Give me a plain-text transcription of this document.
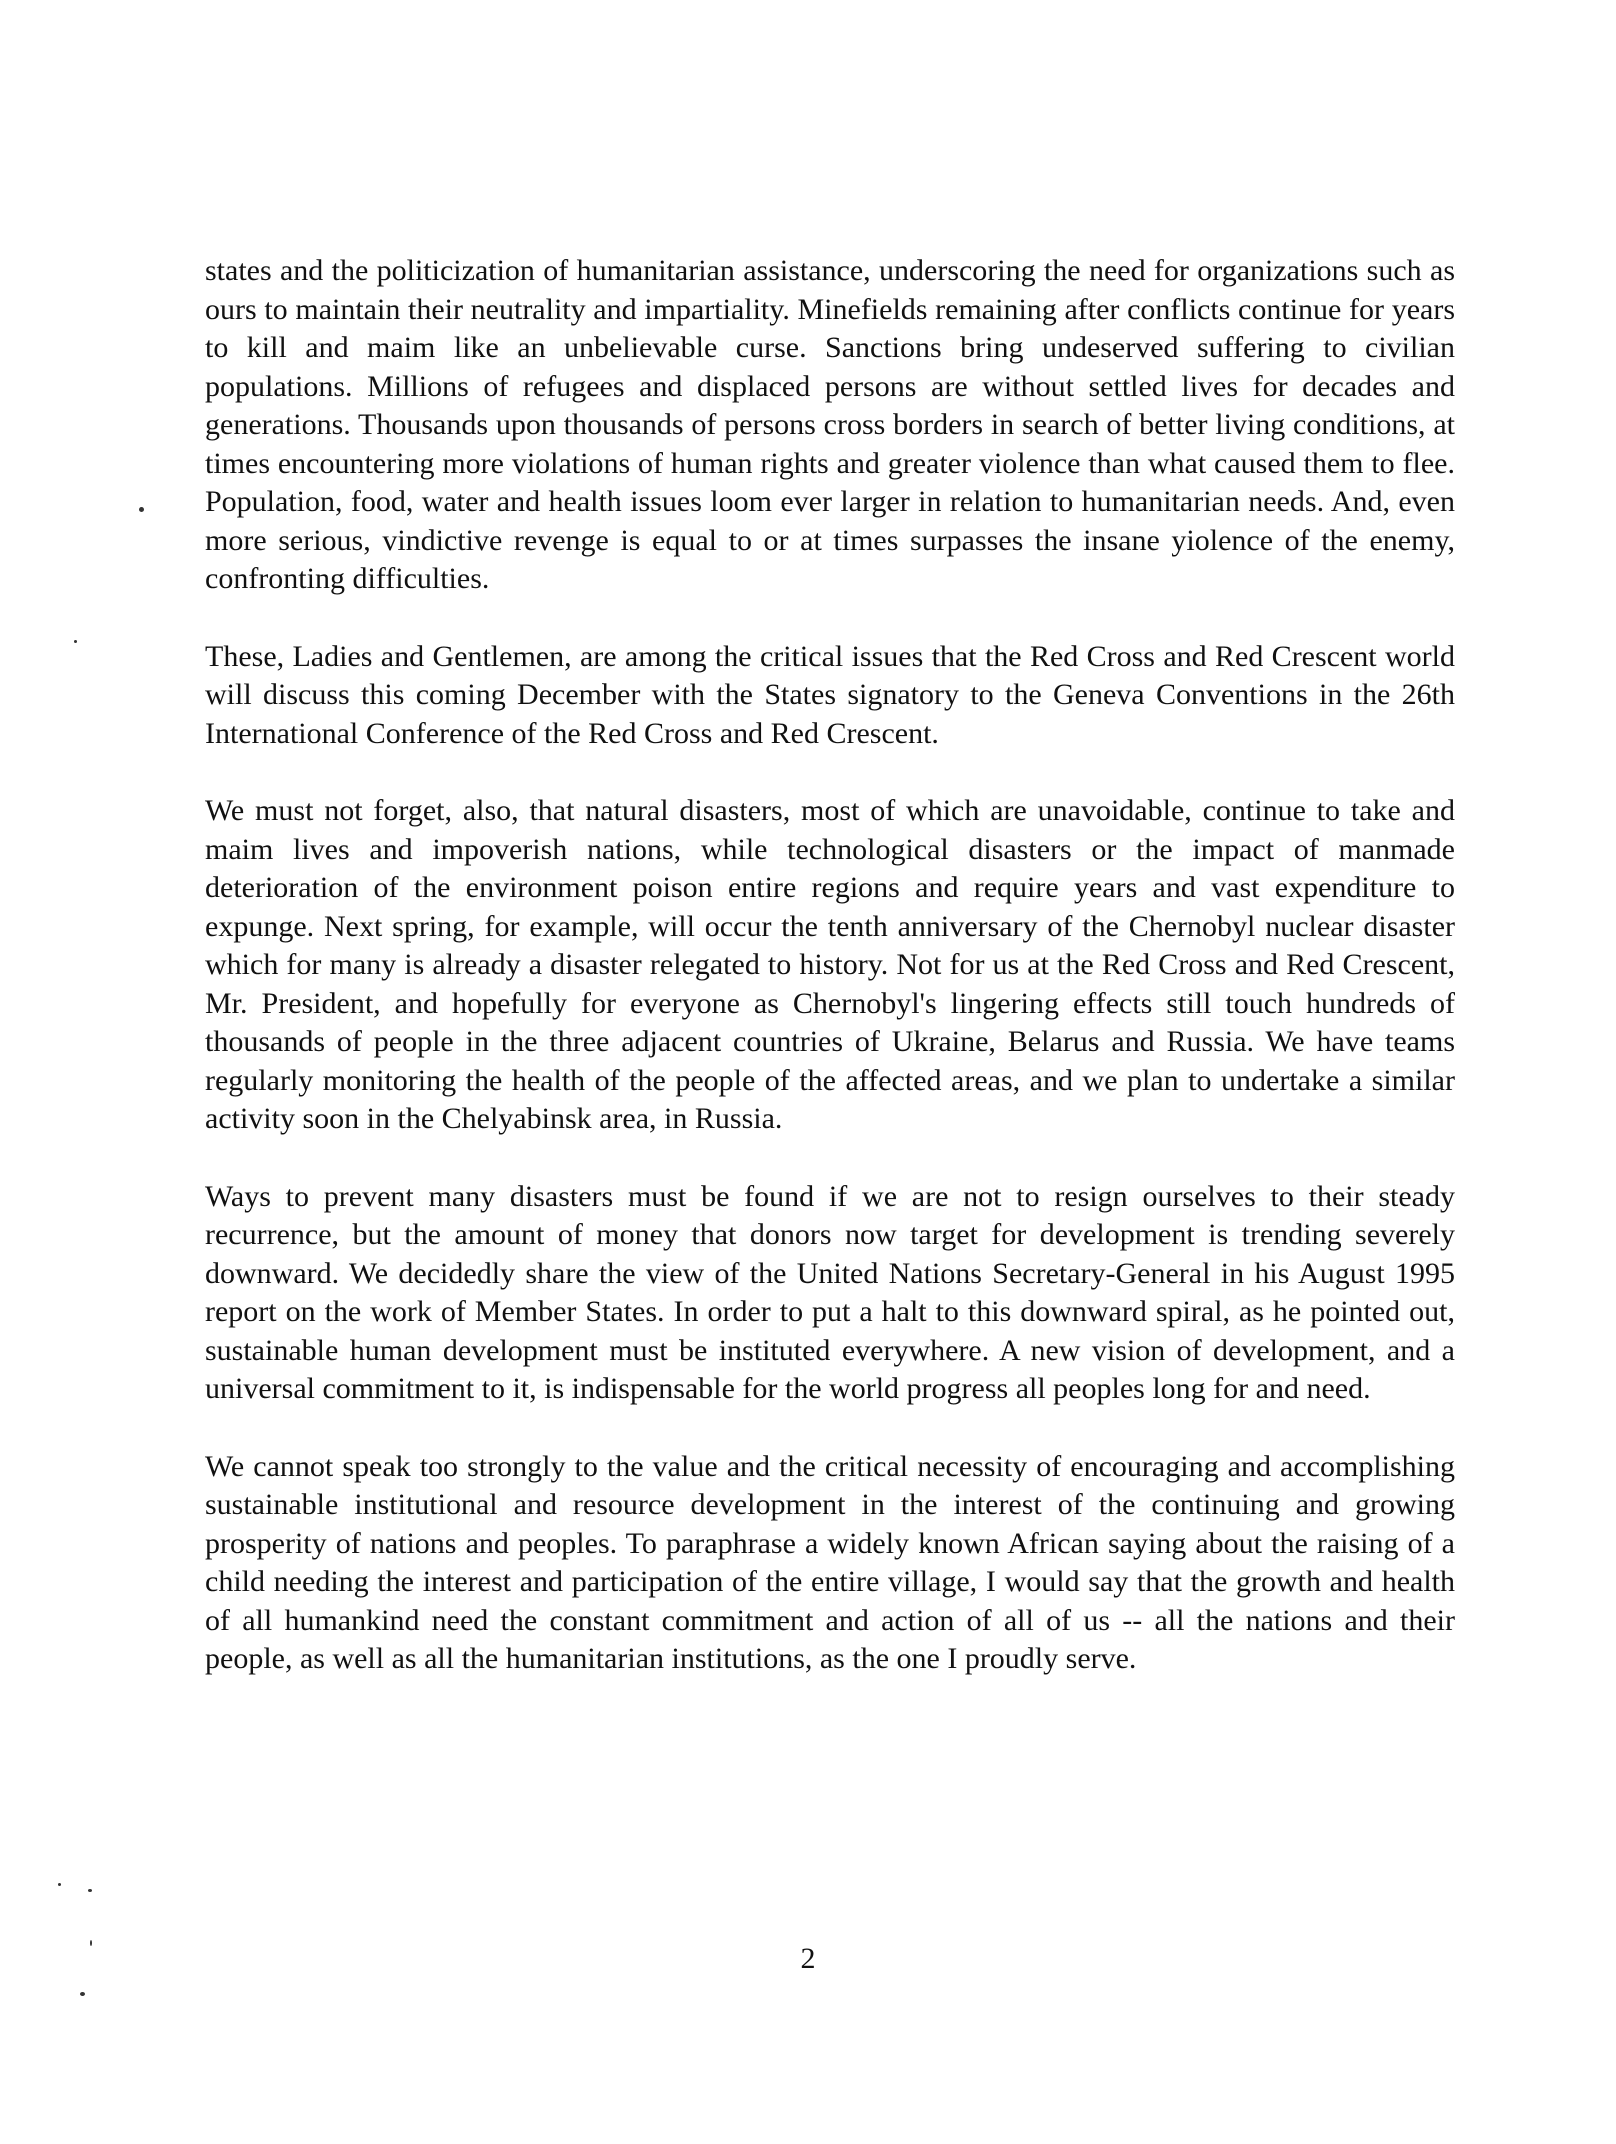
states and the politicization of humanitarian assistance, underscoring the need for organizations such as ours to maintain their neutrality and impartiality. Minefields remaining after conflicts continue for years to kill and maim like an unbelievable curse. Sanctions bring undeserved suffering to civilian populations. Millions of refugees and displaced persons are without settled lives for decades and generations. Thousands upon thousands of persons cross borders in search of better living conditions, at times encountering more violations of human rights and greater violence than what caused them to flee. Population, food, water and health issues loom ever larger in relation to humanitarian needs. And, even more serious, vindictive revenge is equal to or at times surpasses the insane yiolence of the enemy, confronting difficulties.

These, Ladies and Gentlemen, are among the critical issues that the Red Cross and Red Crescent world will discuss this coming December with the States signatory to the Geneva Conventions in the 26th International Conference of the Red Cross and Red Crescent.

We must not forget, also, that natural disasters, most of which are unavoidable, continue to take and maim lives and impoverish nations, while technological disasters or the impact of manmade deterioration of the environment poison entire regions and require years and vast expenditure to expunge. Next spring, for example, will occur the tenth anniversary of the Chernobyl nuclear disaster which for many is already a disaster relegated to history. Not for us at the Red Cross and Red Crescent, Mr. President, and hopefully for everyone as Chernobyl's lingering effects still touch hundreds of thousands of people in the three adjacent countries of Ukraine, Belarus and Russia. We have teams regularly monitoring the health of the people of the affected areas, and we plan to undertake a similar activity soon in the Chelyabinsk area, in Russia.

Ways to prevent many disasters must be found if we are not to resign ourselves to their steady recurrence, but the amount of money that donors now target for development is trending severely downward. We decidedly share the view of the United Nations Secretary-General in his August 1995 report on the work of Member States. In order to put a halt to this downward spiral, as he pointed out, sustainable human development must be instituted everywhere. A new vision of development, and a universal commitment to it, is indispensable for the world progress all peoples long for and need.

We cannot speak too strongly to the value and the critical necessity of encouraging and accomplishing sustainable institutional and resource development in the interest of the continuing and growing prosperity of nations and peoples. To paraphrase a widely known African saying about the raising of a child needing the interest and participation of the entire village, I would say that the growth and health of all humankind need the constant commitment and action of all of us -- all the nations and their people, as well as all the humanitarian institutions, as the one I proudly serve.

2
